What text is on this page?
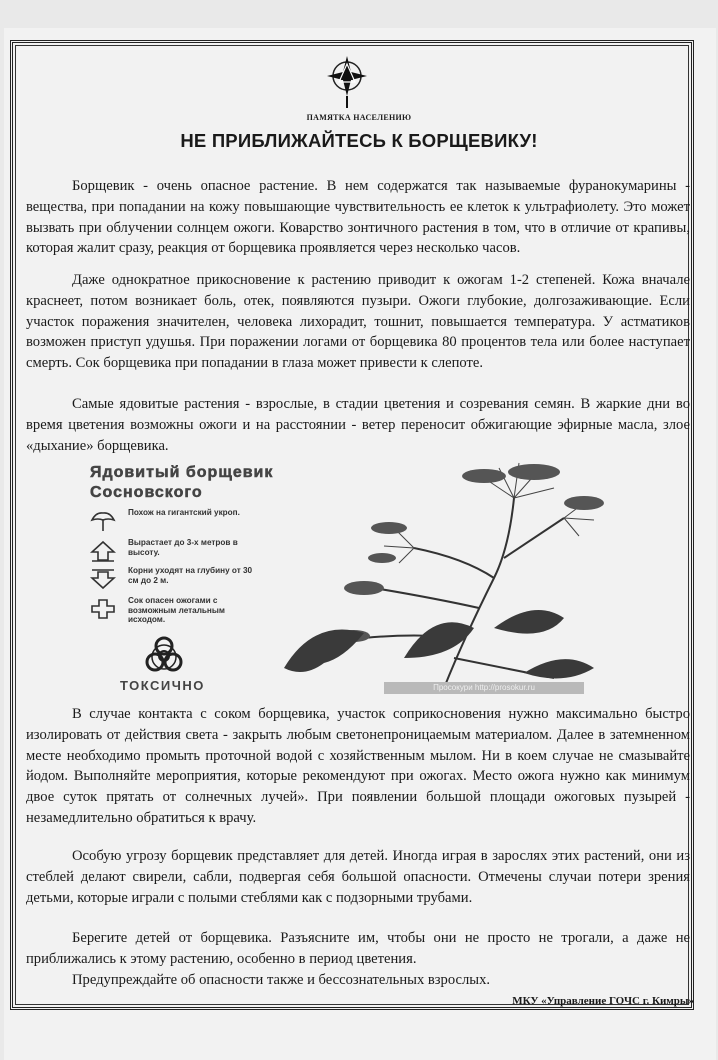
ПАМЯТКА НАСЕЛЕНИЮ
НЕ ПРИБЛИЖАЙТЕСЬ К БОРЩЕВИКУ!

Борщевик - очень опасное растение. В нем содержатся так называемые фуранокумарины - вещества, при попадании на кожу повышающие чувствительность ее клеток к ультрафиолету. Это может вызвать при облучении солнцем ожоги. Коварство зонтичного растения в том, что в отличие от крапивы, которая жалит сразу, реакция от борщевика проявляется через несколько часов.

Даже однократное прикосновение к растению приводит к ожогам 1-2 степеней. Кожа вначале краснеет, потом возникает боль, отек, появляются пузыри. Ожоги глубокие, долгозаживающие. Если участок поражения значителен, человека лихорадит, тошнит, повышается температура. У астматиков возможен приступ удушья. При поражении логами от борщевика 80 процентов тела или более наступает смерть. Сок борщевика при попадании в глаза может привести к слепоте.

Самые ядовитые растения - взрослые, в стадии цветения и созревания семян. В жаркие дни во время цветения возможны ожоги и на расстоянии - ветер переносит обжигающие эфирные масла, злое «дыхание» борщевика.

Ядовитый борщевик
Сосновского
Похож на гигантский укроп.
Вырастает до 3-х метров в высоту.
Корни уходят на глубину от 30 см до 2 м.
Сок опасен ожогами с возможным летальным исходом.
ТОКСИЧНО	Просокури http://prosokur.ru

В случае контакта с соком борщевика, участок соприкосновения нужно максимально быстро изолировать от действия света - закрыть любым светонепроницаемым материалом. Далее в затемненном месте необходимо промыть проточной водой с хозяйственным мылом. Ни в коем случае не смазывайте йодом. Выполняйте мероприятия, которые рекомендуют при ожогах. Место ожога нужно как минимум двое суток прятать от солнечных лучей». При появлении большой площади ожоговых пузырей - незамедлительно обратиться к врачу.

Особую угрозу борщевик представляет для детей. Иногда играя в зарослях этих растений, они из стеблей делают свирели, сабли, подвергая себя большой опасности. Отмечены случаи потери зрения детьми, которые играли с полыми стеблями как с подзорными трубами.

Берегите детей от борщевика. Разъясните им, чтобы они не просто не трогали, а даже не приближались к этому растению, особенно в период цветения.

Предупреждайте об опасности также и бессознательных взрослых.

МКУ «Управление ГОЧС г. Кимры»
